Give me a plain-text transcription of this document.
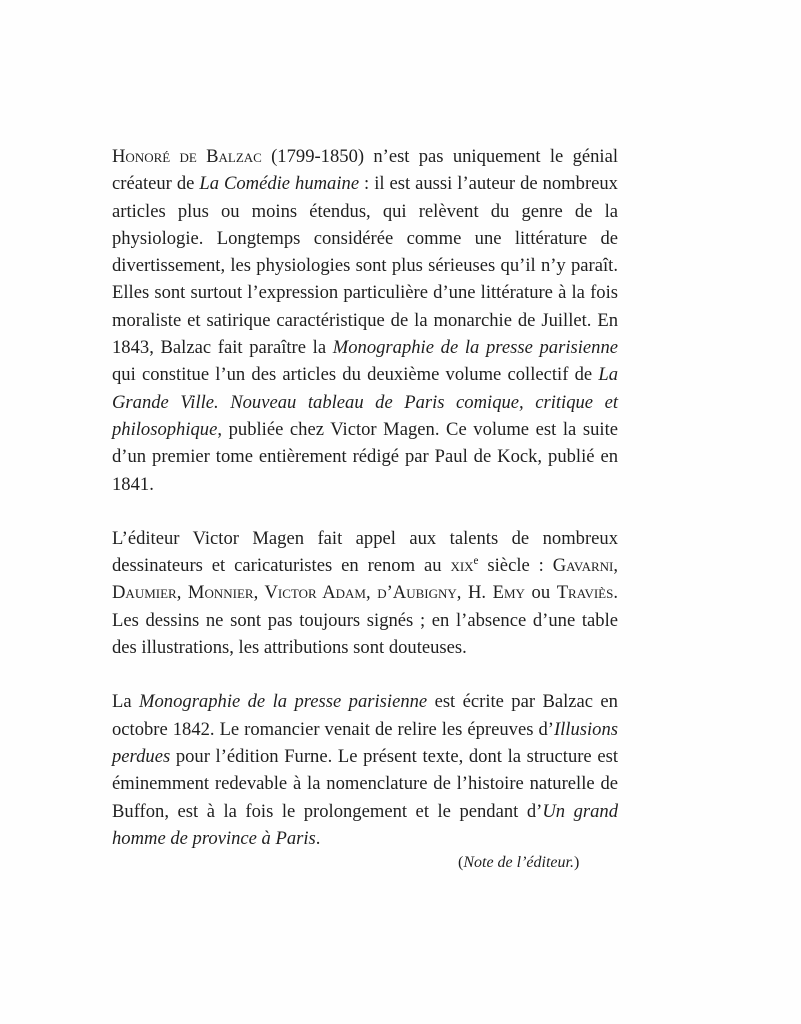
Honoré de Balzac (1799-1850) n’est pas uniquement le génial créateur de La Comédie humaine : il est aussi l’auteur de nombreux articles plus ou moins étendus, qui relèvent du genre de la physiologie. Longtemps considérée comme une littérature de divertissement, les physiologies sont plus sérieuses qu’il n’y paraît. Elles sont surtout l’expression particulière d’une littérature à la fois moraliste et satirique caractéristique de la monarchie de Juillet. En 1843, Balzac fait paraître la Monographie de la presse parisienne qui constitue l’un des articles du deuxième volume collectif de La Grande Ville. Nouveau tableau de Paris comique, critique et philosophique, publiée chez Victor Magen. Ce volume est la suite d’un premier tome entièrement rédigé par Paul de Kock, publié en 1841.

L’éditeur Victor Magen fait appel aux talents de nombreux dessinateurs et caricaturistes en renom au xix$^e$ siècle : Gavarni, Daumier, Monnier, Victor Adam, d’Aubigny, H. Emy ou Traviès. Les dessins ne sont pas toujours signés ; en l’absence d’une table des illustrations, les attributions sont douteuses.

La Monographie de la presse parisienne est écrite par Balzac en octobre 1842. Le romancier venait de relire les épreuves d’Illusions perdues pour l’édition Furne. Le présent texte, dont la structure est éminemment redevable à la nomenclature de l’histoire naturelle de Buffon, est à la fois le prolongement et le pendant d’Un grand homme de province à Paris.

(Note de l’éditeur.)
